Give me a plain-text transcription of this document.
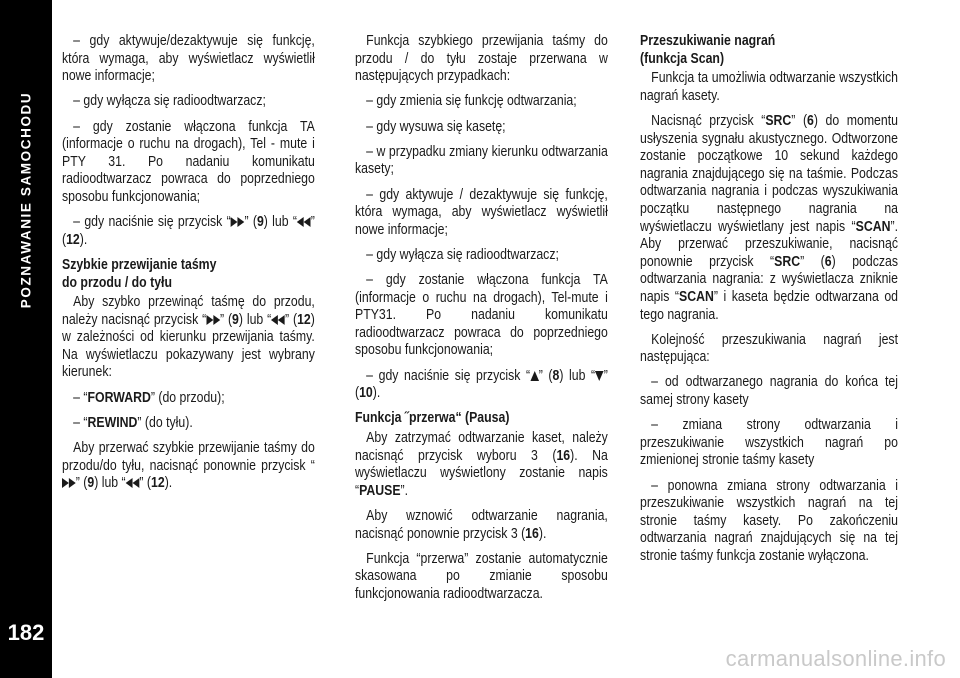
POZNAWANIE SAMOCHODU
182

– gdy aktywuje/dezaktywuje się funkcję, która wymaga, aby wyświetlacz wyświetlił nowe informacje;

– gdy wyłącza się radioodtwarzacz;

– gdy zostanie włączona funkcja TA (informacje o ruchu na drogach), Tel - mute i PTY 31. Po nadaniu komunikatu radioodtwarzacz powraca do poprzedniego sposobu funkcjonowania;

– gdy naciśnie się przycisk “ ” (9) lub “ ” (12).

Szybkie przewijanie taśmy
do przodu / do tyłu

Aby szybko przewinąć taśmę do przodu, należy nacisnąć przycisk “ ” (9) lub “ ” (12) w zależności od kierunku przewijania taśmy. Na wyświetlaczu pokazywany jest wybrany kierunek:

– “FORWARD” (do przodu);

– “REWIND” (do tyłu).

Aby przerwać szybkie przewijanie taśmy do przodu/do tyłu, nacisnąć ponownie przycisk “” (9) lub “ ” (12).

Funkcja szybkiego przewijania taśmy do przodu / do tyłu zostaje przerwana w następujących przypadkach:

– gdy zmienia się funkcję odtwarzania;

– gdy wysuwa się kasetę;

– w przypadku zmiany kierunku odtwarzania kasety;

– gdy aktywuje / dezaktywuje się funkcję, która wymaga, aby wyświetlacz wyświetlił nowe informacje;

– gdy wyłącza się radioodtwarzacz;

– gdy zostanie włączona funkcja TA (informacje o ruchu na drogach), Tel-mute i PTY31. Po nadaniu komunikatu radioodtwarzacz powraca do poprzedniego sposobu funkcjonowania;

– gdy naciśnie się przycisk “ ” (8) lub “ ” (10).

Funkcja ˝przerwa“ (Pausa)

Aby zatrzymać odtwarzanie kaset, należy nacisnąć przycisk wyboru 3 (16). Na wyświetlaczu wyświetlony zostanie napis “PAUSE”.

Aby wznowić odtwarzanie nagrania, nacisnąć ponownie przycisk 3 (16).

Funkcja “przerwa” zostanie automatycznie skasowana po zmianie sposobu funkcjonowania radioodtwarzacza.

Przeszukiwanie nagrań
(funkcja Scan)

Funkcja ta umożliwia odtwarzanie wszystkich nagrań kasety.

Nacisnąć przycisk “SRC” (6) do momentu usłyszenia sygnału akustycznego. Odtworzone zostanie początkowe 10 sekund każdego nagrania znajdującego się na taśmie. Podczas odtwarzania nagrania i podczas wyszukiwania początku następnego nagrania na wyświetlaczu wyświetlany jest napis “SCAN”. Aby przerwać przeszukiwanie, nacisnąć ponownie przycisk “SRC” (6) podczas odtwarzania nagrania: z wyświetlacza zniknie napis “SCAN” i kaseta będzie odtwarzana od tego nagrania.

Kolejność przeszukiwania nagrań jest następująca:

– od odtwarzanego nagrania do końca tej samej strony kasety

– zmiana strony odtwarzania i przeszukiwanie wszystkich nagrań po zmienionej stronie taśmy kasety

– ponowna zmiana strony odtwarzania i przeszukiwanie wszystkich nagrań na tej stronie taśmy kasety. Po zakończeniu odtwarzania nagrań znajdujących się na tej stronie taśmy funkcja zostanie wyłączona.

carmanualsonline.info
